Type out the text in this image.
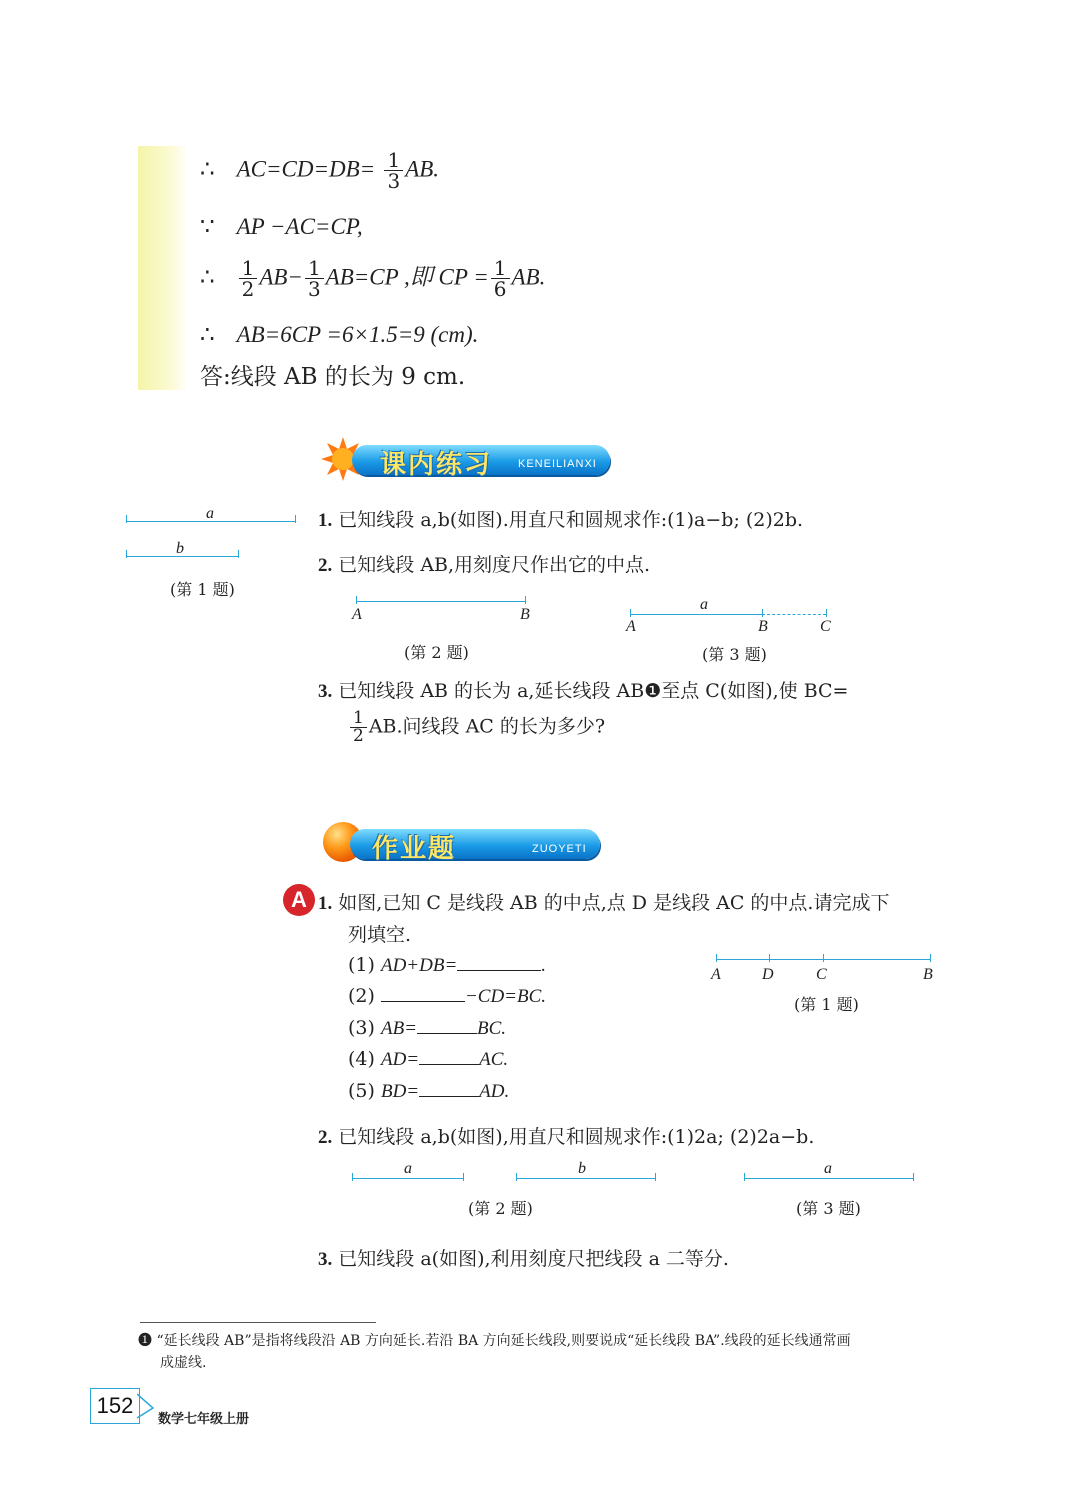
∴ $AC=CD=DB= \frac{1}{3}$ AB.
∵ AP −AC=CP,
∴ $\frac{1}{2} AB- \frac{1}{3} AB=CP$ ,即 CP = $\frac{1}{6}$ AB.
∴ AB=6CP =6×1.5=9 (cm).
答:线段 AB 的长为 9 cm.
课内练习 KENEILIANXI
a
b
(第 1 题)
1. 已知线段 a,b(如图).用直尺和圆规求作:(1)a−b; (2)2b.
2. 已知线段 AB,用刻度尺作出它的中点.
A	B
(第 2 题)
a
A	B	C
(第 3 题)
3. 已知线段 AB 的长为 a,延长线段 AB❶至点 C(如图),使 BC=
$\frac{1}{2}$ AB.问线段 AC 的长为多少?
作业题	ZUOYETI
A 1. 如图,已知 C 是线段 AB 的中点,点 D 是线段 AC 的中点.请完成下
列填空.
(1) AD+DB=	.
(2)	−CD=BC.
(3) AB=	BC.
(4) AD=	AC.
(5) BD=	AD.
A	D	C	B
(第 1 题)
2. 已知线段 a,b(如图),用直尺和圆规求作:(1)2a; (2)2a−b.
a	b
(第 2 题)
a
(第 3 题)
3. 已知线段 a(如图),利用刻度尺把线段 a 二等分.
❶ “延长线段 AB”是指将线段沿 AB 方向延长.若沿 BA 方向延长线段,则要说成“延长线段 BA”.线段的延长线通常画
成虚线.
152
数学七年级上册
